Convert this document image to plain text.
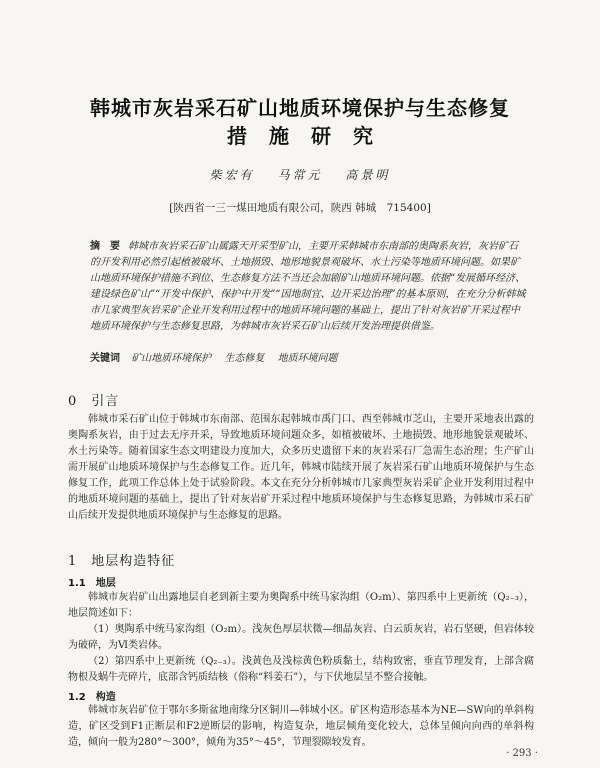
韩城市灰岩采石矿山地质环境保护与生态修复
措施研究
柴宏有 马常元 高景明
[陕西省一三一煤田地质有限公司，陕西 韩城　715400]
摘　要 韩城市灰岩采石矿山属露天开采型矿山，主要开采韩城市东南部的奥陶系灰岩，灰岩矿石的开发利用必然引起植被破坏、土地损毁、地形地貌景观破坏、水土污染等地质环境问题。如果矿山地质环境保护措施不到位、生态修复方法不当还会加剧矿山地质环境问题。依据“发展循环经济、建设绿色矿山”“开发中保护、保护中开发”“因地制宜、边开采边治理”的基本原则，在充分分析韩城市几家典型灰岩采矿企业开发利用过程中的地质环境问题的基础上，提出了针对灰岩矿开采过程中地质环境保护与生态修复思路，为韩城市灰岩采石矿山后续开发治理提供借鉴。
关键词 矿山地质环境保护 生态修复 地质环境问题
0 引言
韩城市采石矿山位于韩城市东南部、范围东起韩城市禹门口、西至韩城市芝山，主要开采地表出露的奥陶系灰岩，由于过去无序开采，导致地质环境问题众多，如植被破坏、土地损毁、地形地貌景观破坏、水土污染等。随着国家生态文明建设力度加大，众多历史遗留下来的灰岩采石厂急需生态治理；生产矿山需开展矿山地质环境保护与生态修复工作。近几年，韩城市陆续开展了灰岩采石矿山地质环境保护与生态修复工作，此项工作总体上处于试验阶段。本文在充分分析韩城市几家典型灰岩采矿企业开发利用过程中的地质环境问题的基础上，提出了针对灰岩矿开采过程中地质环境保护与生态修复思路，为韩城市采石矿山后续开发提供地质环境保护与生态修复的思路。
1 地层构造特征
1.1 地层
韩城市灰岩矿山出露地层自老到新主要为奥陶系中统马家沟组（O₂m）、第四系中上更新统（Q₂₋₃），地层简述如下：
（1）奥陶系中统马家沟组（O₂m）。浅灰色厚层状微—细晶灰岩、白云质灰岩，岩石坚硬，但岩体较为破碎，为Ⅵ类岩体。
（2）第四系中上更新统（Q₂₋₃）。浅黄色及浅棕黄色粉质黏土，结构致密，垂直节理发育，上部含腐物根及蜗牛壳碎片，底部含钙质结核（俗称“料姜石”），与下伏地层呈不整合接触。
1.2 构造
韩城市灰岩矿位于鄂尔多斯盆地南缘分区铜川—韩城小区。矿区构造形态基本为NE—SW向的单斜构造，矿区受到F1正断层和F2逆断层的影响，构造复杂，地层倾角变化较大，总体呈倾向向西的单斜构造，倾向一般为280°～300°，倾角为35°～45°，节理裂隙较发育。
· 293 ·
